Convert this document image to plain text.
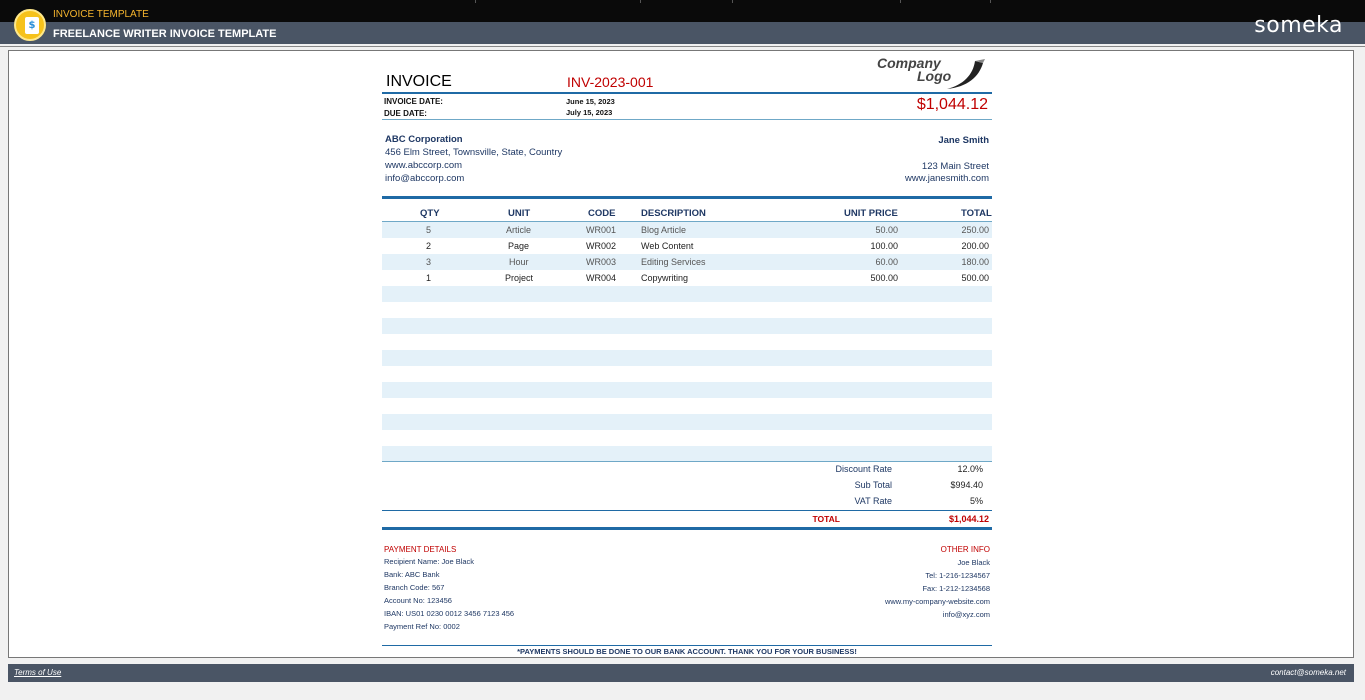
$
INVOICE TEMPLATE
FREELANCE WRITER INVOICE TEMPLATE	someka
INVOICE	INV-2023-001
Company
Logo
INVOICE DATE:	June 15, 2023
DUE DATE:	July 15, 2023	$1,044.12
ABC Corporation
456 Elm Street, Townsville, State, Country
www.abccorp.com
info@abccorp.com
Jane Smith
123 Main Street
www.janesmith.com
QTY	UNIT	CODE	DESCRIPTION	UNIT PRICE	TOTAL
5	Article	WR001	Blog Article	50.00	250.00
2	Page	WR002	Web Content	100.00	200.00
3	Hour	WR003	Editing Services	60.00	180.00
1	Project	WR004	Copywriting	500.00	500.00
Discount Rate	12.0%
Sub Total	$994.40
VAT Rate	5%
TOTAL	$1,044.12
PAYMENT DETAILS
Recipient Name: Joe Black
Bank: ABC Bank
Branch Code: 567
Account No: 123456
IBAN: US01 0230 0012 3456 7123 456
Payment Ref No: 0002
OTHER INFO
Joe Black
Tel: 1-216-1234567
Fax: 1-212-1234568
www.my-company-website.com
info@xyz.com
*PAYMENTS SHOULD BE DONE TO OUR BANK ACCOUNT. THANK YOU FOR YOUR BUSINESS!
Terms of Use	contact@someka.net
